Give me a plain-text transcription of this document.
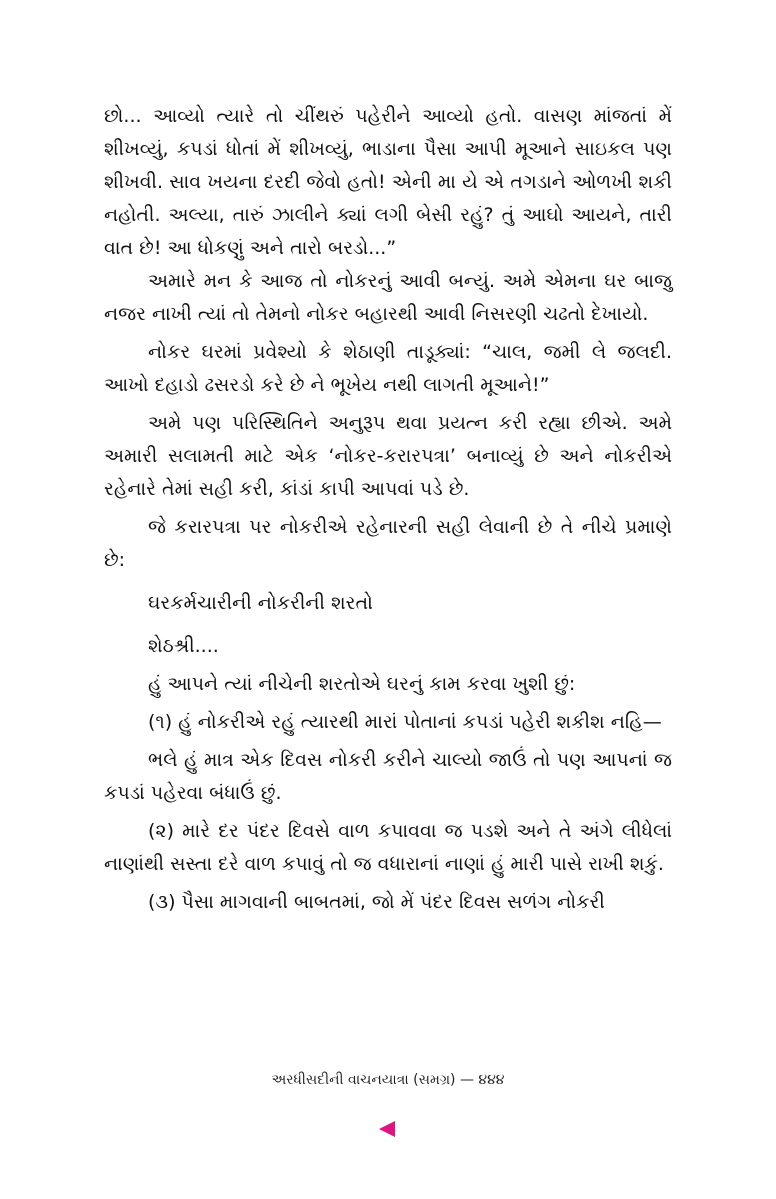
છો... આવ્યો ત્યારે તો ચીંથરું પહેરીને આવ્યો હતો. વાસણ માંજતાં મેં શીખવ્યું, કપડાં ધોતાં મેં શીખવ્યું, ભાડાના પૈસા આપી મૂઆને સાઇકલ પણ શીખવી. સાવ ખયના દરદી જેવો હતો! એની મા યે એ તગડાને ઓળખી શકી નહોતી. અલ્યા, તારું ઝાલીને ક્યાં લગી બેસી રહું? તું આઘો આયને, તારી વાત છે! આ ધોકણું અને તારો બરડો...”

અમારે મન કે આજ તો નોકરનું આવી બન્યું. અમે એમના ઘર બાજુ નજર નાખી ત્યાં તો તેમનો નોકર બહારથી આવી નિસરણી ચઢતો દેખાયો.

નોકર ઘરમાં પ્રવેશ્યો કે શેઠાણી તાડૂક્યાં: “ચાલ, જમી લે જલદી. આખો દહાડો ઢસરડો કરે છે ને ભૂખેય નથી લાગતી મૂઆને!”

અમે પણ પરિસ્થિતિને અનુરૂપ થવા પ્રયત્ન કરી રહ્યા છીએ. અમે અમારી સલામતી માટે એક ‘નોકર-કરારપત્રા’ બનાવ્યું છે અને નોકરીએ રહેનારે તેમાં સહી કરી, કાંડાં કાપી આપવાં પડે છે.

જે કરારપત્રા પર નોકરીએ રહેનારની સહી લેવાની છે તે નીચે પ્રમાણે છે:

ઘરકર્મચારીની નોકરીની શરતો

શેઠશ્રી....

હું આપને ત્યાં નીચેની શરતોએ ઘરનું કામ કરવા ખુશી છું:

(૧) હું નોકરીએ રહું ત્યારથી મારાં પોતાનાં કપડાં પહેરી શકીશ નહિ—

ભલે હું માત્ર એક દિવસ નોકરી કરીને ચાલ્યો જાઉં તો પણ આપનાં જ કપડાં પહેરવા બંધાઉં છું.

(૨) મારે દર પંદર દિવસે વાળ કપાવવા જ પડશે અને તે અંગે લીધેલાં નાણાંથી સસ્તા દરે વાળ કપાવું તો જ વધારાનાં નાણાં હું મારી પાસે રાખી શકું.

(૩) પૈસા માગવાની બાબતમાં, જો મેં પંદર દિવસ સળંગ નોકરી

અરધીસદીની વાચનયાત્રા (સમગ્ર) — ૪૪૪
